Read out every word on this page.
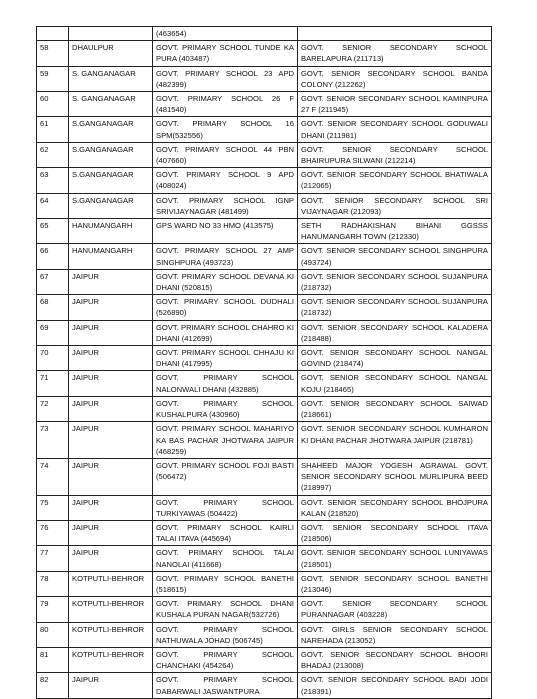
		(463654)	
58	DHAULPUR	GOVT. PRIMARY SCHOOL TUNDE KA PURA (403487)	GOVT. SENIOR SECONDARY SCHOOL BARELAPURA (211713)
59	S. GANGANAGAR	GOVT. PRIMARY SCHOOL 23 APD (482399)	GOVT. SENIOR SECONDARY SCHOOL BANDA COLONY (212262)
60	S. GANGANAGAR	GOVT. PRIMARY SCHOOL 26 F (481540)	GOVT. SENIOR SECONDARY SCHOOL KAMINPURA 27 F (211945)
61	S.GANGANAGAR	GOVT. PRIMARY SCHOOL 16 SPM(532556)	GOVT. SENIOR SECONDARY SCHOOL GODUWALI DHANI (211981)
62	S.GANGANAGAR	GOVT. PRIMARY SCHOOL 44 PBN (407660)	GOVT. SENIOR SECONDARY SCHOOL BHAIRUPURA SILWANI (212214)
63	S.GANGANAGAR	GOVT. PRIMARY SCHOOL 9 APD (408024)	GOVT. SENIOR SECONDARY SCHOOL BHATIWALA (212065)
64	S.GANGANAGAR	GOVT. PRIMARY SCHOOL IGNP SRIVIJAYNAGAR (481499)	GOVT. SENIOR SECONDARY SCHOOL SRI VIJAYNAGAR (212093)
65	HANUMANGARH	GPS WARD NO 33 HMO (413575)	SETH RADHAKISHAN BIHANI GGSSS HANUMANGARH TOWN (212330)
66	HANUMANGARH	GOVT. PRIMARY SCHOOL 27 AMP SINGHPURA (493723)	GOVT. SENIOR SECONDARY SCHOOL SINGHPURA (493724)
67	JAIPUR	GOVT. PRIMARY SCHOOL DEVANA KI DHANI (520815)	GOVT. SENIOR SECONDARY SCHOOL SUJANPURA (218732)
68	JAIPUR	GOVT. PRIMARY SCHOOL DUDHALI (526890)	GOVT. SENIOR SECONDARY SCHOOL SUJANPURA (218732)
69	JAIPUR	GOVT. PRIMARY SCHOOL CHAHRO KI DHANI (412699)	GOVT. SENIOR SECONDARY SCHOOL KALADERA (218488)
70	JAIPUR	GOVT. PRIMARY SCHOOL CHHAJU KI DHANI (417995)	GOVT. SENIOR SECONDARY SCHOOL NANGAL GOVIND (218474)
71	JAIPUR	GOVT. PRIMARY SCHOOL NALONWALI DHANI (432885)	GOVT. SENIOR SECONDARY SCHOOL NANGAL KOJU (218465)
72	JAIPUR	GOVT. PRIMARY SCHOOL KUSHALPURA (430960)	GOVT. SENIOR SECONDARY SCHOOL SAIWAD (218661)
73	JAIPUR	GOVT. PRIMARY SCHOOL MAHARIYO KA BAS PACHAR JHOTWARA JAIPUR (468259)	GOVT. SENIOR SECONDARY SCHOOL KUMHARON KI DHANI PACHAR JHOTWARA JAIPUR (218781)
74	JAIPUR	GOVT. PRIMARY SCHOOL FOJI BASTI (506472)	SHAHEED MAJOR YOGESH AGRAWAL GOVT. SENIOR SECONDARY SCHOOL MURLIPURA BEED (218997)
75	JAIPUR	GOVT. PRIMARY SCHOOL TURKIYAWAS (504422)	GOVT. SENIOR SECONDARY SCHOOL BHOJPURA KALAN (218520)
76	JAIPUR	GOVT. PRIMARY SCHOOL KAIRLI TALAI ITAVA (445694)	GOVT. SENIOR SECONDARY SCHOOL ITAVA (218506)
77	JAIPUR	GOVT. PRIMARY SCHOOL TALAI NANOLAI (411668)	GOVT. SENIOR SECONDARY SCHOOL LUNIYAWAS (218501)
78	KOTPUTLI-BEHROR	GOVT. PRIMARY SCHOOL BANETHI (518615)	GOVT. SENIOR SECONDARY SCHOOL BANETHI (213046)
79	KOTPUTLI-BEHROR	GOVT. PRIMARY SCHOOL DHANI KUSHALA PURAN NAGAR(532726)	GOVT. SENIOR SECONDARY SCHOOL PURANNAGAR (403228)
80	KOTPUTLI-BEHROR	GOVT. PRIMARY SCHOOL NATHUWALA JOHAD (506745)	GOVT. GIRLS SENIOR SECONDARY SCHOOL NAREHADA (213052)
81	KOTPUTLI-BEHROR	GOVT. PRIMARY SCHOOL CHANCHAKI (454264)	GOVT. SENIOR SECONDARY SCHOOL BHOORI BHADAJ (213008)
82	JAIPUR	GOVT. PRIMARY SCHOOL DABARWALI JASWANTPURA	GOVT. SENIOR SECONDARY SCHOOL BADI JODI (218391)
